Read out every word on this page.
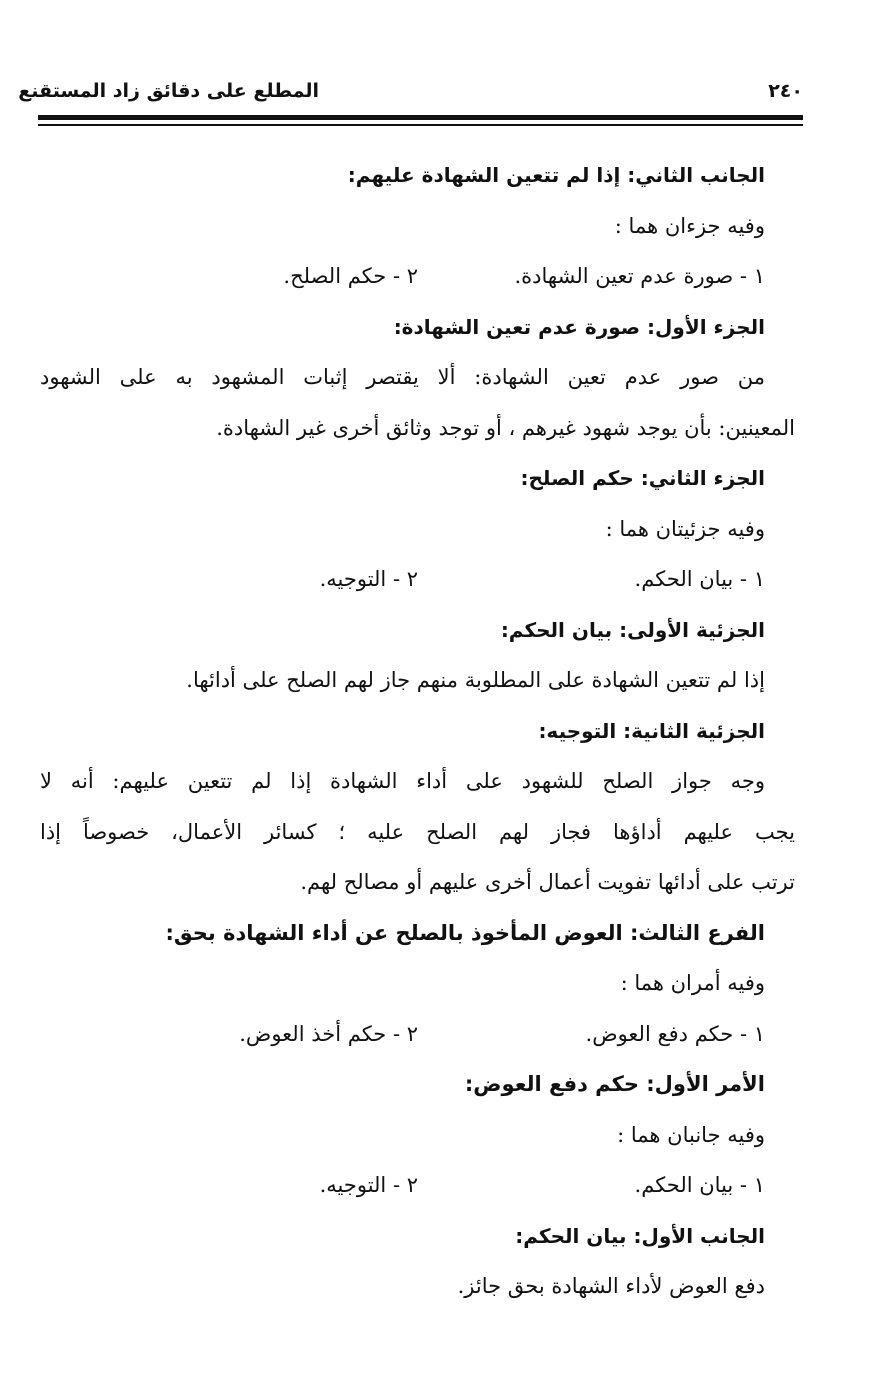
٢٤٠
المطلع على دقائق زاد المستقنع
الجانب الثاني: إذا لم تتعين الشهادة عليهم:
وفيه جزءان هما :
١ - صورة عدم تعين الشهادة.
٢ - حكم الصلح.
الجزء الأول: صورة عدم تعين الشهادة:
من صور عدم تعين الشهادة: ألا يقتصر إثبات المشهود به على الشهود
المعينين: بأن يوجد شهود غيرهم ، أو توجد وثائق أخرى غير الشهادة.
الجزء الثاني: حكم الصلح:
وفيه جزئيتان هما :
١ - بيان الحكم.
٢ - التوجيه.
الجزئية الأولى: بيان الحكم:
إذا لم تتعين الشهادة على المطلوبة منهم جاز لهم الصلح على أدائها.
الجزئية الثانية: التوجيه:
وجه جواز الصلح للشهود على أداء الشهادة إذا لم تتعين عليهم: أنه لا
يجب عليهم أداؤها فجاز لهم الصلح عليه ؛ كسائر الأعمال، خصوصاً إذا
ترتب على أدائها تفويت أعمال أخرى عليهم أو مصالح لهم.
الفرع الثالث: العوض المأخوذ بالصلح عن أداء الشهادة بحق:
وفيه أمران هما :
١ - حكم دفع العوض.
٢ - حكم أخذ العوض.
الأمر الأول: حكم دفع العوض:
وفيه جانبان هما :
١ - بيان الحكم.
٢ - التوجيه.
الجانب الأول: بيان الحكم:
دفع العوض لأداء الشهادة بحق جائز.
